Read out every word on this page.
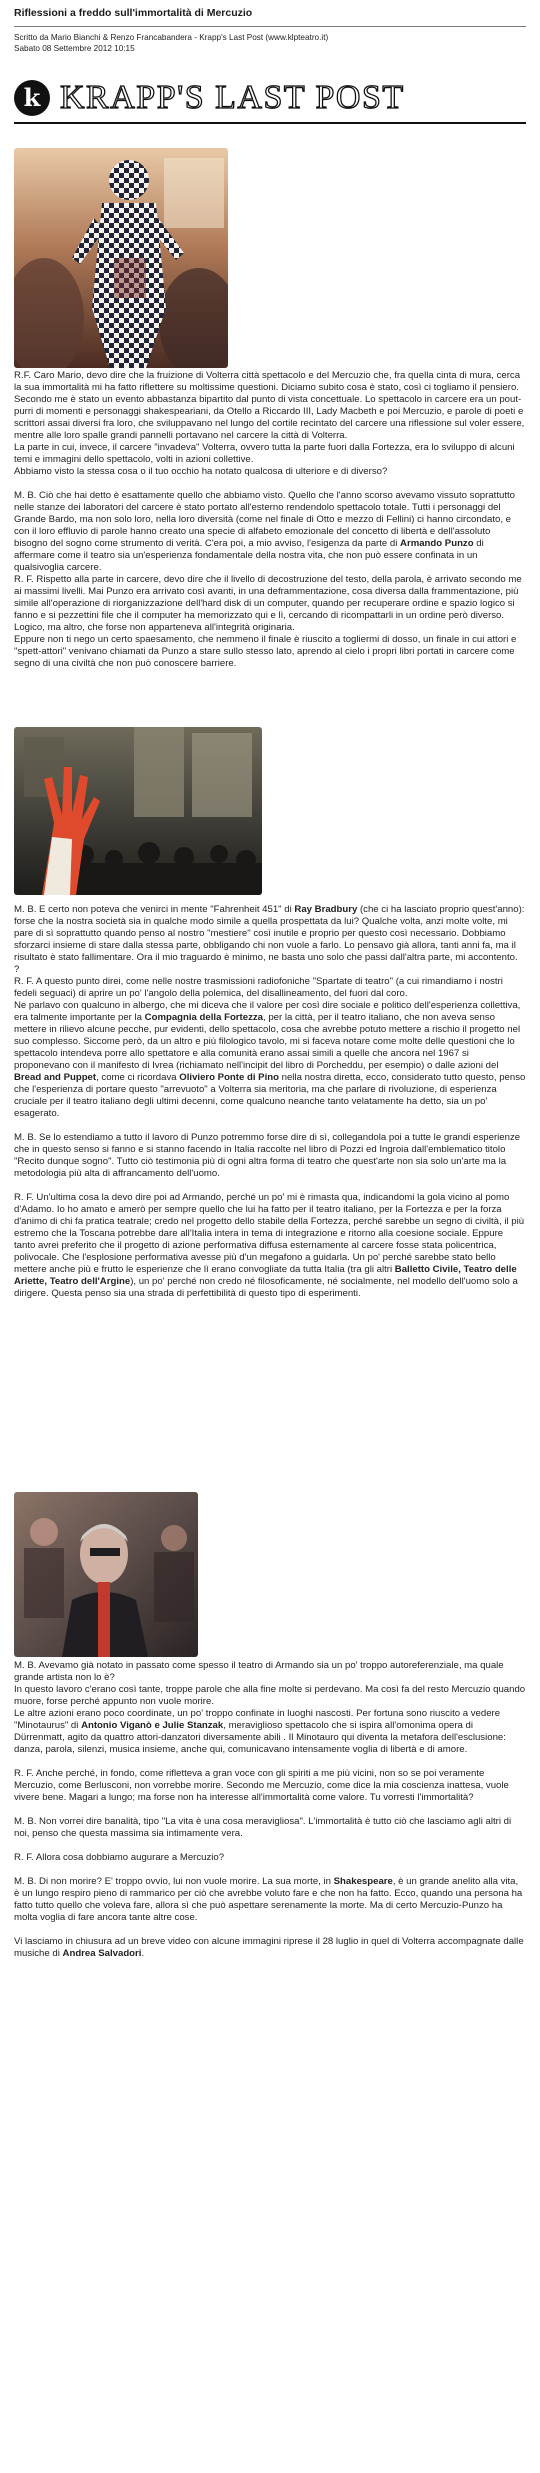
Riflessioni a freddo sull'immortalità di Mercuzio
Scritto da Mario Bianchi & Renzo Francabandera - Krapp's Last Post (www.klpteatro.it)
Sabato 08 Settembre 2012 10:15
k KRAPP'S LAST POST

R.F. Caro Mario, devo dire che la fruizione di Volterra città spettacolo e del Mercuzio che, fra quella cinta di mura, cerca la sua immortalità mi ha fatto riflettere su moltissime questioni. Diciamo subito cosa è stato, così ci togliamo il pensiero.

Secondo me è stato un evento abbastanza bipartito dal punto di vista concettuale. Lo spettacolo in carcere era un pout-purri di momenti e personaggi shakespeariani, da Otello a Riccardo III, Lady Macbeth e poi Mercuzio, e parole di poeti e scrittori assai diversi fra loro, che sviluppavano nel lungo del cortile recintato del carcere una riflessione sul voler essere, mentre alle loro spalle grandi pannelli portavano nel carcere la città di Volterra.

La parte in cui, invece, il carcere "invadeva" Volterra, ovvero tutta la parte fuori dalla Fortezza, era lo sviluppo di alcuni temi e immagini dello spettacolo, volti in azioni collettive.

Abbiamo visto la stessa cosa o il tuo occhio ha notato qualcosa di ulteriore e di diverso?

M. B. Ciò che hai detto è esattamente quello che abbiamo visto. Quello che l'anno scorso avevamo vissuto soprattutto nelle stanze dei laboratori del carcere è stato portato all'esterno rendendolo spettacolo totale. Tutti i personaggi del Grande Bardo, ma non solo loro, nella loro diversità (come nel finale di Otto e mezzo di Fellini) ci hanno circondato, e con il loro effluvio di parole hanno creato una specie di alfabeto emozionale del concetto di libertà e dell'assoluto bisogno del sogno come strumento di verità. C'era poi, a mio avviso, l'esigenza da parte di Armando Punzo di affermare come il teatro sia un'esperienza fondamentale della nostra vita, che non può essere confinata in un qualsivoglia carcere.

R. F. Rispetto alla parte in carcere, devo dire che il livello di decostruzione del testo, della parola, è arrivato secondo me ai massimi livelli. Mai Punzo era arrivato così avanti, in una deframmentazione, cosa diversa dalla frammentazione, più simile all'operazione di riorganizzazione dell'hard disk di un computer, quando per recuperare ordine e spazio logico si fanno e si pezzettini file che il computer ha memorizzato qui e lì, cercando di ricompattarli in un ordine però diverso. Logico, ma altro, che forse non apparteneva all'integrità originaria.

Eppure non ti nego un certo spaesamento, che nemmeno il finale è riuscito a togliermi di dosso, un finale in cui attori e "spett-attori" venivano chiamati da Punzo a stare sullo stesso lato, aprendo al cielo i propri libri portati in carcere come segno di una civiltà che non può conoscere barriere.

M. B. E certo non poteva che venirci in mente "Fahrenheit 451" di Ray Bradbury (che ci ha lasciato proprio quest'anno): forse che la nostra società sia in qualche modo simile a quella prospettata da lui? Qualche volta, anzi molte volte, mi pare di sì soprattutto quando penso al nostro "mestiere" così inutile e proprio per questo così necessario. Dobbiamo sforzarci insieme di stare dalla stessa parte, obbligando chi non vuole a farlo. Lo pensavo già allora, tanti anni fa, ma il risultato è stato fallimentare. Ora il mio traguardo è minimo, ne basta uno solo che passi dall'altra parte, mi accontento.

?

R. F. A questo punto direi, come nelle nostre trasmissioni radiofoniche "Spartate di teatro" (a cui rimandiamo i nostri fedeli seguaci) di aprire un po' l'angolo della polemica, del disallineamento, del fuori dal coro.

Ne parlavo con qualcuno in albergo, che mi diceva che il valore per così dire sociale e politico dell'esperienza collettiva, era talmente importante per la Compagnia della Fortezza, per la città, per il teatro italiano, che non aveva senso mettere in rilievo alcune pecche, pur evidenti, dello spettacolo, cosa che avrebbe potuto mettere a rischio il progetto nel suo complesso. Siccome però, da un altro e più filologico tavolo, mi si faceva notare come molte delle questioni che lo spettacolo intendeva porre allo spettatore e alla comunità erano assai simili a quelle che ancora nel 1967 si proponevano con il manifesto di Ivrea (richiamato nell'incipit del libro di Porcheddu, per esempio) o dalle azioni del Bread and Puppet, come ci ricordava Oliviero Ponte di Pino nella nostra diretta, ecco, considerato tutto questo, penso che l'esperienza di portare questo "arrevuoto" a Volterra sia meritoria, ma che parlare di rivoluzione, di esperienza cruciale per il teatro italiano degli ultimi decenni, come qualcuno neanche tanto velatamente ha detto, sia un po' esagerato.

M. B. Se lo estendiamo a tutto il lavoro di Punzo potremmo forse dire di sì, collegandola poi a tutte le grandi esperienze che in questo senso si fanno e si stanno facendo in Italia raccolte nel libro di Pozzi ed Ingroia dall'emblematico titolo "Recito dunque sogno". Tutto ciò testimonia più di ogni altra forma di teatro che quest'arte non sia solo un'arte ma la metodologia più alta di affrancamento dell'uomo.

R. F. Un'ultima cosa la devo dire poi ad Armando, perché un po' mi è rimasta qua, indicandomi la gola vicino al pomo d'Adamo. Io ho amato e amerò per sempre quello che lui ha fatto per il teatro italiano, per la Fortezza e per la forza d'animo di chi fa pratica teatrale; credo nel progetto dello stabile della Fortezza, perché sarebbe un segno di civiltà, il più estremo che la Toscana potrebbe dare all'Italia intera in tema di integrazione e ritorno alla coesione sociale. Eppure tanto avrei preferito che il progetto di azione performativa diffusa esternamente al carcere fosse stata policentrica, polivocale. Che l'esplosione performativa avesse più d'un megafono a guidarla. Un po' perché sarebbe stato bello mettere anche più e frutto le esperienze che lì erano convogliate da tutta Italia (tra gli altri Balletto Civile, Teatro delle Ariette, Teatro dell'Argine), un po' perché non credo né filosoficamente, né socialmente, nel modello dell'uomo solo a dirigere. Questa penso sia una strada di perfettibilità di questo tipo di esperimenti.

M. B. Avevamo già notato in passato come spesso il teatro di Armando sia un po' troppo autoreferenziale, ma quale grande artista non lo è?

In questo lavoro c'erano così tante, troppe parole che alla fine molte si perdevano. Ma così fa del resto Mercuzio quando muore, forse perché appunto non vuole morire.

Le altre azioni erano poco coordinate, un po' troppo confinate in luoghi nascosti. Per fortuna sono riuscito a vedere "Minotaurus" di Antonio Viganò e Julie Stanzak, meraviglioso spettacolo che si ispira all'omonima opera di Dürrenmatt, agito da quattro attori-danzatori diversamente abili . Il Minotauro qui diventa la metafora dell'esclusione: danza, parola, silenzi, musica insieme, anche qui, comunicavano intensamente voglia di libertà e di amore.

R. F. Anche perché, in fondo, come rifletteva a gran voce con gli spiriti a me più vicini, non so se poi veramente Mercuzio, come Berlusconi, non vorrebbe morire. Secondo me Mercuzio, come dice la mia coscienza inattesa, vuole vivere bene. Magari a lungo; ma forse non ha interesse all'immortalità come valore. Tu vorresti l'immortalità?

M. B. Non vorrei dire banalità, tipo "La vita è una cosa meravigliosa". L'immortalità è tutto ciò che lasciamo agli altri di noi, penso che questa massima sia intimamente vera.

R. F. Allora cosa dobbiamo augurare a Mercuzio?

M. B. Di non morire? E' troppo ovvio, lui non vuole morire. La sua morte, in Shakespeare, è un grande anelito alla vita, è un lungo respiro pieno di rammarico per ciò che avrebbe voluto fare e che non ha fatto. Ecco, quando una persona ha fatto tutto quello che voleva fare, allora sì che può aspettare serenamente la morte. Ma di certo Mercuzio-Punzo ha molta voglia di fare ancora tante altre cose.

Vi lasciamo in chiusura ad un breve video con alcune immagini riprese il 28 luglio in quel di Volterra accompagnate dalle musiche di Andrea Salvadori.
